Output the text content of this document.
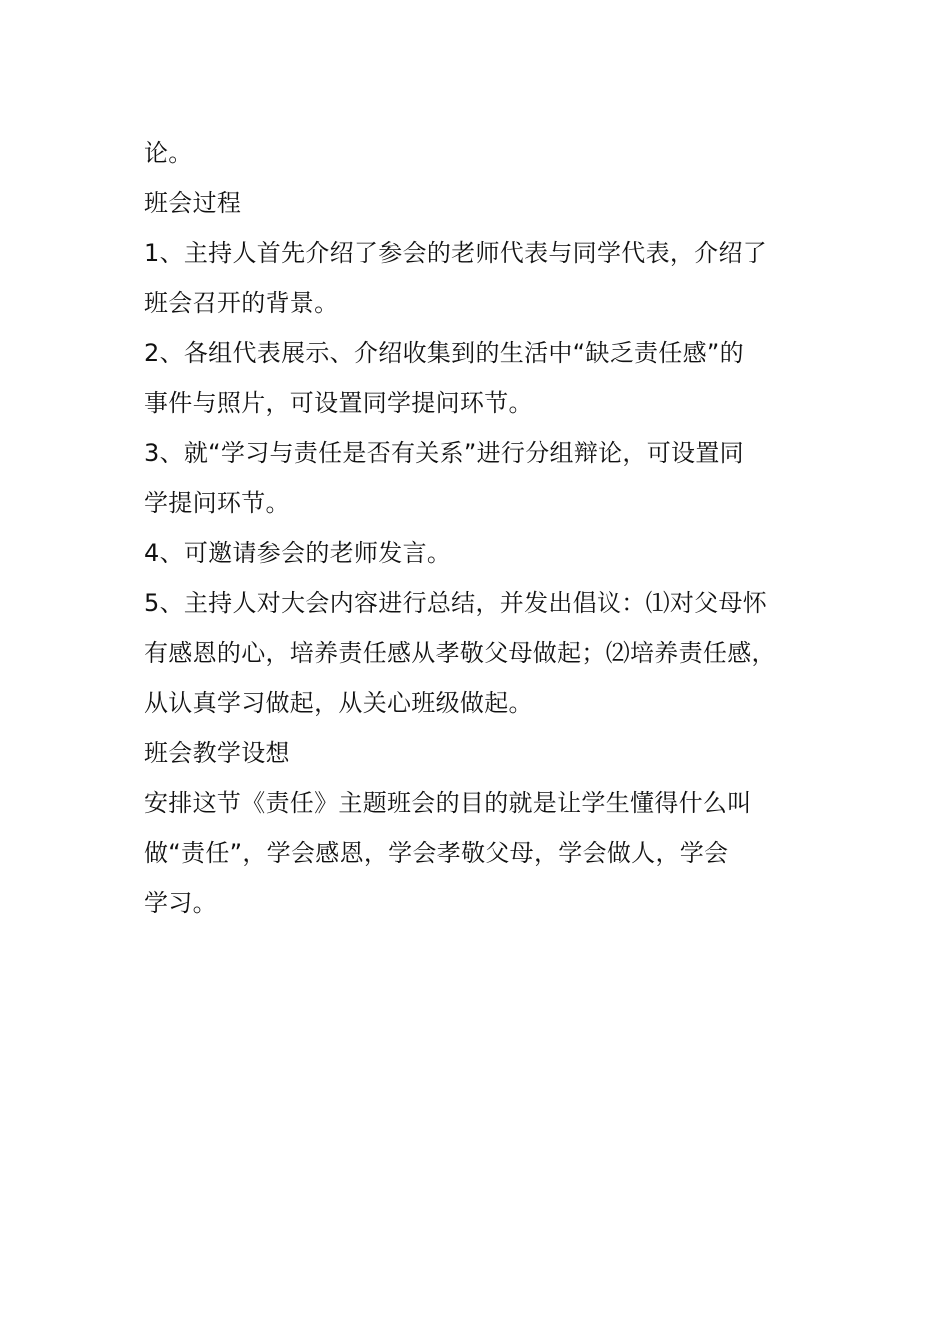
论。
班会过程
1、主持人首先介绍了参会的老师代表与同学代表，介绍了
班会召开的背景。
2、各组代表展示、介绍收集到的生活中“缺乏责任感”的
事件与照片，可设置同学提问环节。
3、就“学习与责任是否有关系”进行分组辩论，可设置同
学提问环节。
4、可邀请参会的老师发言。
5、主持人对大会内容进行总结，并发出倡议：⑴对父母怀
有感恩的心，培养责任感从孝敬父母做起；⑵培养责任感，
从认真学习做起，从关心班级做起。
班会教学设想
安排这节《责任》主题班会的目的就是让学生懂得什么叫
做“责任”，学会感恩，学会孝敬父母，学会做人，学会
学习。
